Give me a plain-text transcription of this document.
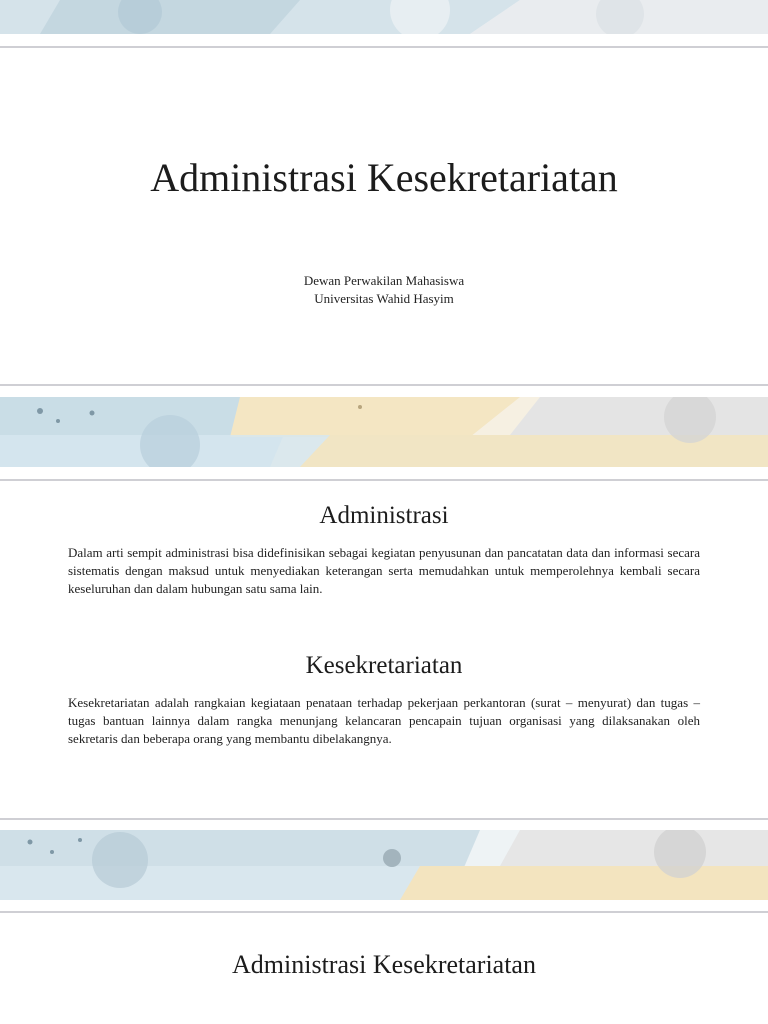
Administrasi Kesekretariatan
Dewan Perwakilan Mahasiswa
Universitas Wahid Hasyim
Administrasi

Dalam arti sempit administrasi bisa didefinisikan sebagai kegiatan penyusunan dan pancatatan data dan informasi secara sistematis dengan maksud untuk menyediakan keterangan serta memudahkan untuk memperolehnya kembali secara keseluruhan dan dalam hubungan satu sama lain.

Kesekretariatan

Kesekretariatan adalah rangkaian kegiataan penataan terhadap pekerjaan perkantoran (surat – menyurat) dan tugas – tugas bantuan lainnya dalam rangka menunjang kelancaran pencapain tujuan organisasi yang dilaksanakan oleh sekretaris dan beberapa orang yang membantu dibelakangnya.

Administrasi Kesekretariatan
